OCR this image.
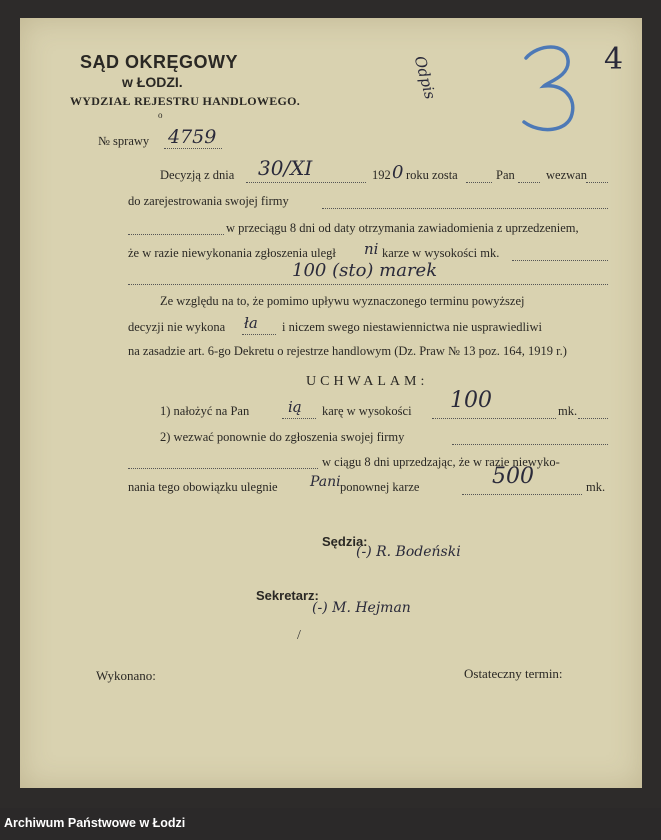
SĄD OKRĘGOWY
w ŁODZI.
WYDZIAŁ REJESTRU HANDLOWEGO.
o
№ sprawy 4759
Odpis	4
Decyzją z dnia 30/XI	192 0 roku zosta	Pan	wezwan
do zarejestrowania swojej firmy
w przeciągu 8 dni od daty otrzymania zawiadomienia z uprzedzeniem,
że w razie niewykonania zgłoszenia uległ ni karze w wysokości mk.
100 (sto) marek
Ze względu na to, że pomimo upływu wyznaczonego terminu powyższej
decyzji nie wykona ła i niczem swego niestawiennictwa nie usprawiedliwi
na zasadzie art. 6-go Dekretu o rejestrze handlowym (Dz. Praw № 13 poz. 164, 1919 r.)
UCHWALAM:
1) nałożyć na Pan	ią karę w wysokości 100	mk.
2) wezwać ponownie do zgłoszenia swojej firmy
w ciągu 8 dni uprzedzając, że w razie niewyko-
nania tego obowiązku ulegnie Pani ponownej karze	500	mk.
Sędzia:
(-) R. Bodeński
Sekretarz:
(-) M. Hejman
/
Wykonano:	Ostateczny termin:
Archiwum Państwowe w Łodzi
